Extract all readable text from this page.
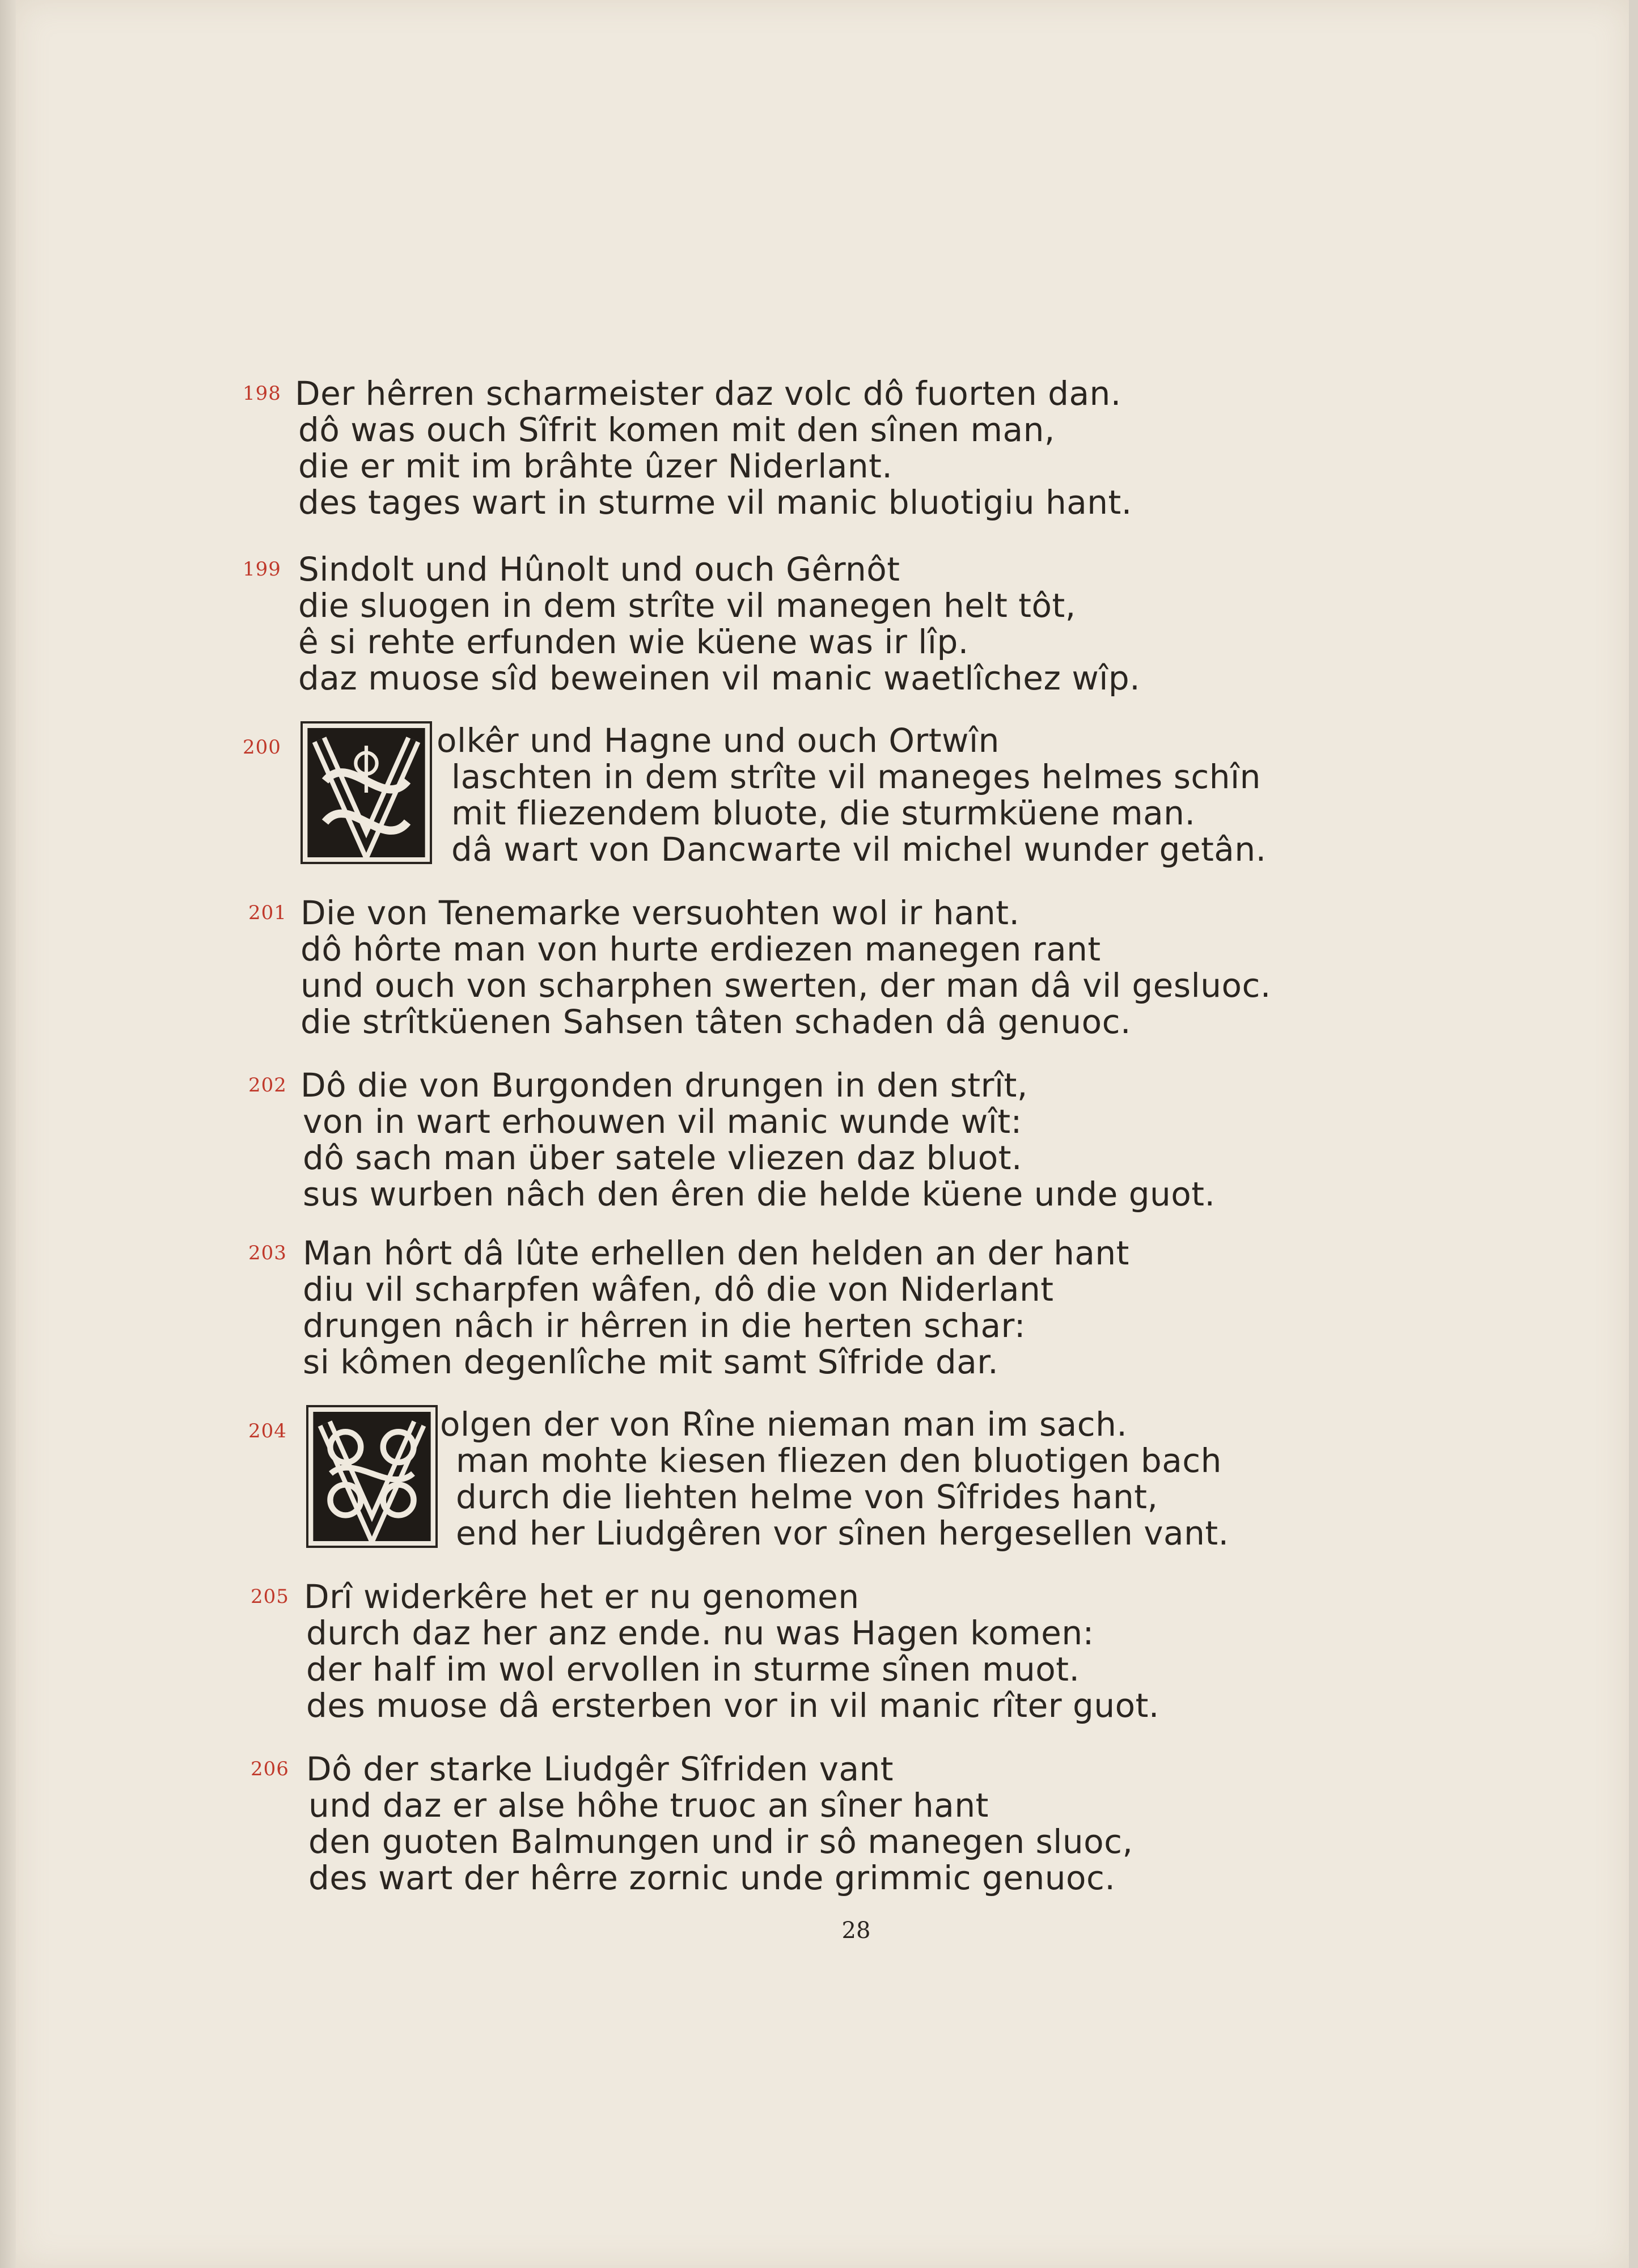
198 Der hêrren scharmeister daz volc dô fuorten dan.
dô was ouch Sîfrit komen mit den sînen man,
die er mit im brâhte ûzer Niderlant.
des tages wart in sturme vil manic bluotigiu hant.
199 Sindolt und Hûnolt und ouch Gêrnôt
die sluogen in dem strîte vil manegen helt tôt,
ê si rehte erfunden wie küene was ir lîp.
daz muose sîd beweinen vil manic waetlîchez wîp.
200	olkêr und Hagne und ouch Ortwîn
laschten in dem strîte vil maneges helmes schîn
mit fliezendem bluote, die sturmküene man.
dâ wart von Dancwarte vil michel wunder getân.
201 Die von Tenemarke versuohten wol ir hant.
dô hôrte man von hurte erdiezen manegen rant
und ouch von scharphen swerten, der man dâ vil gesluoc.
die strîtküenen Sahsen tâten schaden dâ genuoc.
202 Dô die von Burgonden drungen in den strît,
von in wart erhouwen vil manic wunde wît:
dô sach man über satele vliezen daz bluot.
sus wurben nâch den êren die helde küene unde guot.
203 Man hôrt dâ lûte erhellen den helden an der hant
diu vil scharpfen wâfen, dô die von Niderlant
drungen nâch ir hêrren in die herten schar:
si kômen degenlîche mit samt Sîfride dar.
204	olgen der von Rîne nieman man im sach.
man mohte kiesen fliezen den bluotigen bach
durch die liehten helme von Sîfrides hant,
end her Liudgêren vor sînen hergesellen vant.
205 Drî widerkêre het er nu genomen
durch daz her anz ende. nu was Hagen komen:
der half im wol ervollen in sturme sînen muot.
des muose dâ ersterben vor in vil manic rîter guot.
206 Dô der starke Liudgêr Sîfriden vant
und daz er alse hôhe truoc an sîner hant
den guoten Balmungen und ir sô manegen sluoc,
des wart der hêrre zornic unde grimmic genuoc.
28
